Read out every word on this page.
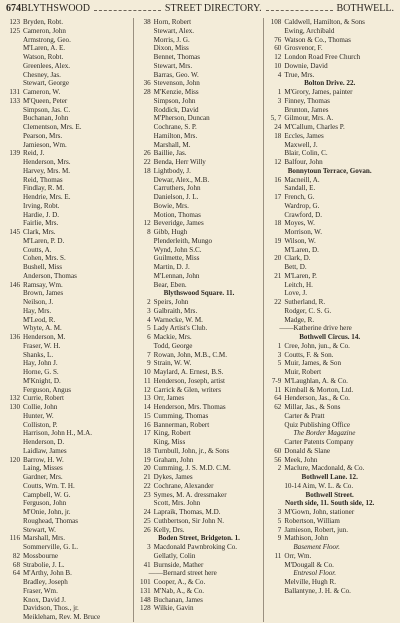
674 BLYTHSWOOD	STREET DIRECTORY.	BOTHWELL.
123 Bryden, Robt.
125 Cameron, John
Armstrong, Geo.
M'Laren, A. E.
Watson, Robt.
Greenlees, Alex.
Chesney, Jas.
Stewart, George
131 Cameron, W.
133 M'Queen, Peter
Simpson, Jas. C.
Buchanan, John
Clementson, Mrs. E.
Pearson, Mrs.
Jamieson, Wm.
139 Reid, J.
Henderson, Mrs.
Harvey, Mrs. M.
Reid, Thomas
Findlay, R. M.
Hendrie, Mrs. E.
Irving, Robt.
Hardie, J. D.
Fairlie, Mrs.
145 Clark, Mrs.
M'Laren, P. D.
Coutts, A.
Cohen, Mrs. S.
Bushell, Miss
Anderson, Thomas
146 Ramsay, Wm.
Brown, James
Neilson, J.
Hay, Mrs.
M'Leod, R.
Whyte, A. M.
136 Henderson, M.
Fraser, W. H.
Shanks, L.
Hay, John J.
Horne, G. S.
M'Knight, D.
Ferguson, Angus
132 Currie, Robert
130 Collie, John
Hunter, W.
Colliston, P.
Harrison, John H., M.A.
Henderson, D.
Laidlaw, James
120 Barrow, H. W.
Laing, Misses
Gardner, Mrs.
Coutts, Wm. T. H.
Campbell, W. G.
Ferguson, John
M'Onie, John, jr.
Roughead, Thomas
Stewart, W.
116 Marshall, Mrs.
Sommerville, G. L.
82 Mossbourne
68 Strabolie, J. L.
64 M'Arthy, John B.
Bradley, Joseph
Fraser, Wm.
Knox, David J.
Davidson, Thos., jr.
Meikleham, Rev. M. Bruce
38 Horn, Robert
Stewart, Alex.
Morris, J. G.
Dixon, Miss
Bennet, Thomas
Stewart, Mrs.
Barras, Geo. W.
36 Stevenson, John
28 M'Kenzie, Miss
Simpson, John
Roddick, David
M'Pherson, Duncan
Cochrane, S. P.
Hamilton, Mrs.
Marshall, M.
26 Baillie, Jas.
22 Benda, Herr Willy
18 Lightbody, J.
Dewar, Alex., M.B.
Carruthers, John
Danielson, J. L.
Bowie, Mrs.
Motion, Thomas
12 Beveridge, James
8 Gibb, Hugh
Plenderleith, Mungo
Wynd, John S.C.
Guilmette, Miss
Martin, D. J.
M'Lennan, John
Bear, Eben.
Blythswood Square. 11.
2 Speirs, John
3 Galbraith, Mrs.
4 Warnecke, W. M.
5 Lady Artist's Club.
6 Mackie, Mrs.
Todd, George
7 Rowan, John, M.B., C.M.
9 Strain, W. W.
10 Maylard, A. Ernest, B.S.
11 Henderson, Joseph, artist
12 Carrick & Glen, writers
13 Orr, James
14 Henderson, Mrs. Thomas
15 Cumming, Thomas
16 Bannerman, Robert
17 King, Robert
King, Miss
18 Turnbull, John, jr., & Sons
19 Graham, John
20 Cumming, J. S. M.D. C.M.
21 Dykes, James
22 Cochrane, Alexander
23 Symes, M. A. dressmaker
Scott, Mrs. John
24 Lapraik, Thomas, M.D.
25 Cuthbertson, Sir John N.
26 Kelly, Drs.
Boden Street, Bridgeton. 1.
3 Macdonald Pawnbroking Co.
Gellatly, Colin
41 Burnside, Mather
——Bernard street here
101 Cooper, A., & Co.
131 M'Nab, A., & Co.
148 Buchanan, James
128 Wilkie, Gavin
108 Caldwell, Hamilton, & Sons
Ewing, Archibald
76 Watson & Co., Thomas
60 Grosvenor, F.
12 London Road Free Church
10 Downie, David
4 True, Mrs.
Bolton Drive. 22.
1 M'Grory, James, painter
3 Finney, Thomas
Brunton, James
5, 7 Gilmour, Mrs. A.
24 M'Callum, Charles P.
18 Eccles, James
Maxwell, J.
Blair, Colin, C.
12 Balfour, John
Bonnytoun Terrace, Govan.
16 Macneill, A.
Sandall, E.
17 French, G.
Wardrop, G.
Crawford, D.
18 Moyes, W.
Morrison, W.
19 Wilson, W.
M'Laren, D.
20 Clark, D.
Bett, D.
21 M'Laren, P.
Leitch, H.
Love, J.
22 Sutherland, R.
Rodger, C. S. G.
Madge, R.
——Katherine drive here
Bothwell Circus. 14.
1 Cree, John, jun., & Co.
3 Coutts, F. & Son.
5 Muir, James, & Son
Muir, Robert
7-9 M'Laughlan, A. & Co.
11 Kimball & Morton, Ltd.
64 Henderson, Jas., & Co.
62 Millar, Jas., & Sons
Carter & Pratt
Quiz Publishing Office
The Border Magazine
Carter Patents Company
60 Donald & Slane
56 Meek, John
2 Maclure, Macdonald, & Co.
Bothwell Lane. 12.
10-14 Aim, W. L. & Co.
Bothwell Street.
North side, 11. South side, 12.
3 M'Gown, John, stationer
5 Robertson, William
7 Jamieson, Robert, jun.
9 Mathison, John
Basement Floor.
11 Orr, Wm.
M'Dougall & Co.
Entresol Floor.
Melville, Hugh R.
Ballantyne, J. H. & Co.
